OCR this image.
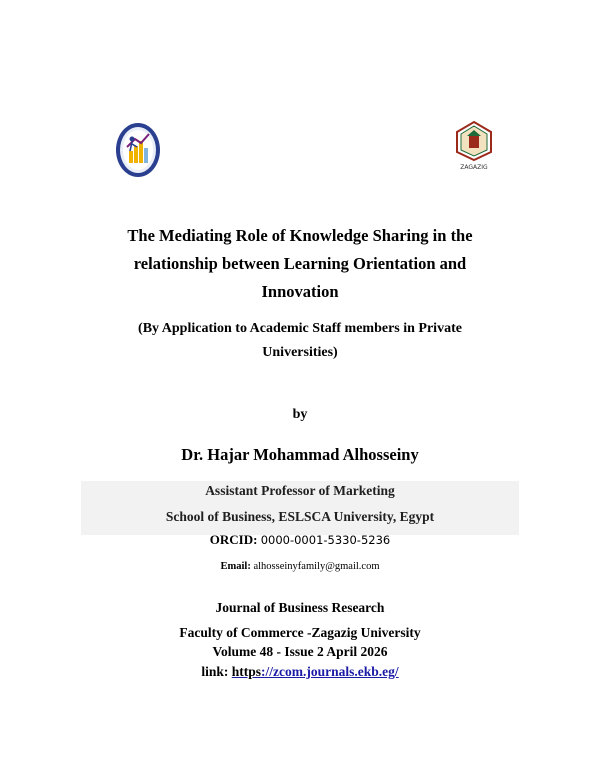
ZAGAZIG
The Mediating Role of Knowledge Sharing in the
relationship between Learning Orientation and
Innovation
(By Application to Academic Staff members in Private
Universities)
by
Dr. Hajar Mohammad Alhosseiny
Assistant Professor of Marketing
School of Business, ESLSCA University, Egypt
ORCID: 0000-0001-5330-5236
Email: alhosseinyfamily@gmail.com
Journal of Business Research
Faculty of Commerce -Zagazig University
Volume 48 - Issue 2 April 2026
link: https://zcom.journals.ekb.eg/
